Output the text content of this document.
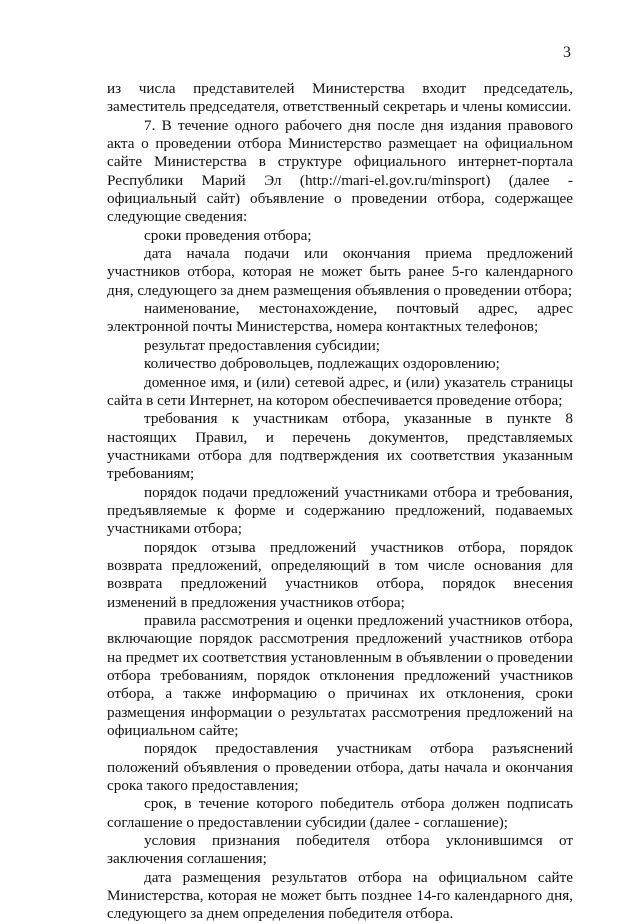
3

из числа представителей Министерства входит председатель, заместитель председателя, ответственный секретарь и члены комиссии.

7. В течение одного рабочего дня после дня издания правового акта о проведении отбора Министерство размещает на официальном сайте Министерства в структуре официального интернет-портала Республики Марий Эл (http://mari-el.gov.ru/minsport) (далее - официальный сайт) объявление о проведении отбора, содержащее следующие сведения:

сроки проведения отбора;

дата начала подачи или окончания приема предложений участников отбора, которая не может быть ранее 5-го календарного дня, следующего за днем размещения объявления о проведении отбора;

наименование, местонахождение, почтовый адрес, адрес электронной почты Министерства, номера контактных телефонов;

результат предоставления субсидии;

количество добровольцев, подлежащих оздоровлению;

доменное имя, и (или) сетевой адрес, и (или) указатель страницы сайта в сети Интернет, на котором обеспечивается проведение отбора;

требования к участникам отбора, указанные в пункте 8 настоящих Правил, и перечень документов, представляемых участниками отбора для подтверждения их соответствия указанным требованиям;

порядок подачи предложений участниками отбора и требования, предъявляемые к форме и содержанию предложений, подаваемых участниками отбора;

порядок отзыва предложений участников отбора, порядок возврата предложений, определяющий в том числе основания для возврата предложений участников отбора, порядок внесения изменений в предложения участников отбора;

правила рассмотрения и оценки предложений участников отбора, включающие порядок рассмотрения предложений участников отбора на предмет их соответствия установленным в объявлении о проведении отбора требованиям, порядок отклонения предложений участников отбора, а также информацию о причинах их отклонения, сроки размещения информации о результатах рассмотрения предложений на официальном сайте;

порядок предоставления участникам отбора разъяснений положений объявления о проведении отбора, даты начала и окончания срока такого предоставления;

срок, в течение которого победитель отбора должен подписать соглашение о предоставлении субсидии (далее - соглашение);

условия признания победителя отбора уклонившимся от заключения соглашения;

дата размещения результатов отбора на официальном сайте Министерства, которая не может быть позднее 14-го календарного дня, следующего за днем определения победителя отбора.
